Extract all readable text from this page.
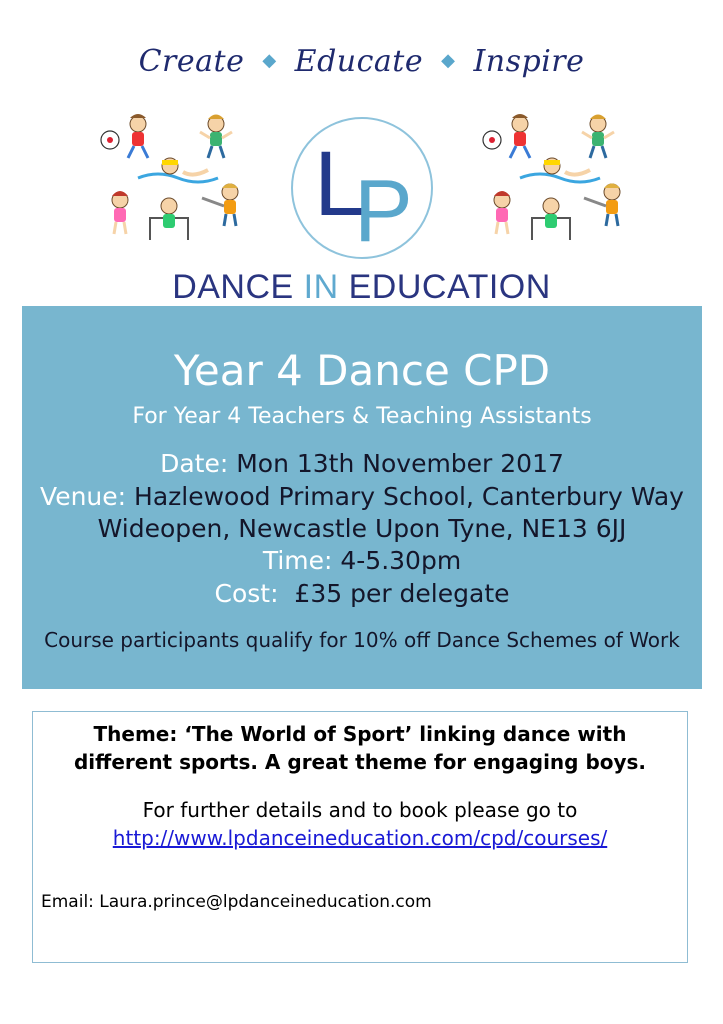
Create ◆ Educate ◆ Inspire
L
P
DANCE IN EDUCATION
Year 4 Dance CPD
For Year 4 Teachers & Teaching Assistants
Date: Mon 13th November 2017
Venue: Hazlewood Primary School, Canterbury Way
Wideopen, Newcastle Upon Tyne, NE13 6JJ
Time: 4-5.30pm
Cost:  £35 per delegate
Course participants qualify for 10% off Dance Schemes of Work
Theme: ‘The World of Sport’ linking dance with
different sports. A great theme for engaging boys.
For further details and to book please go to
http://www.lpdanceineducation.com/cpd/courses/
Email: Laura.prince@lpdanceineducation.com
